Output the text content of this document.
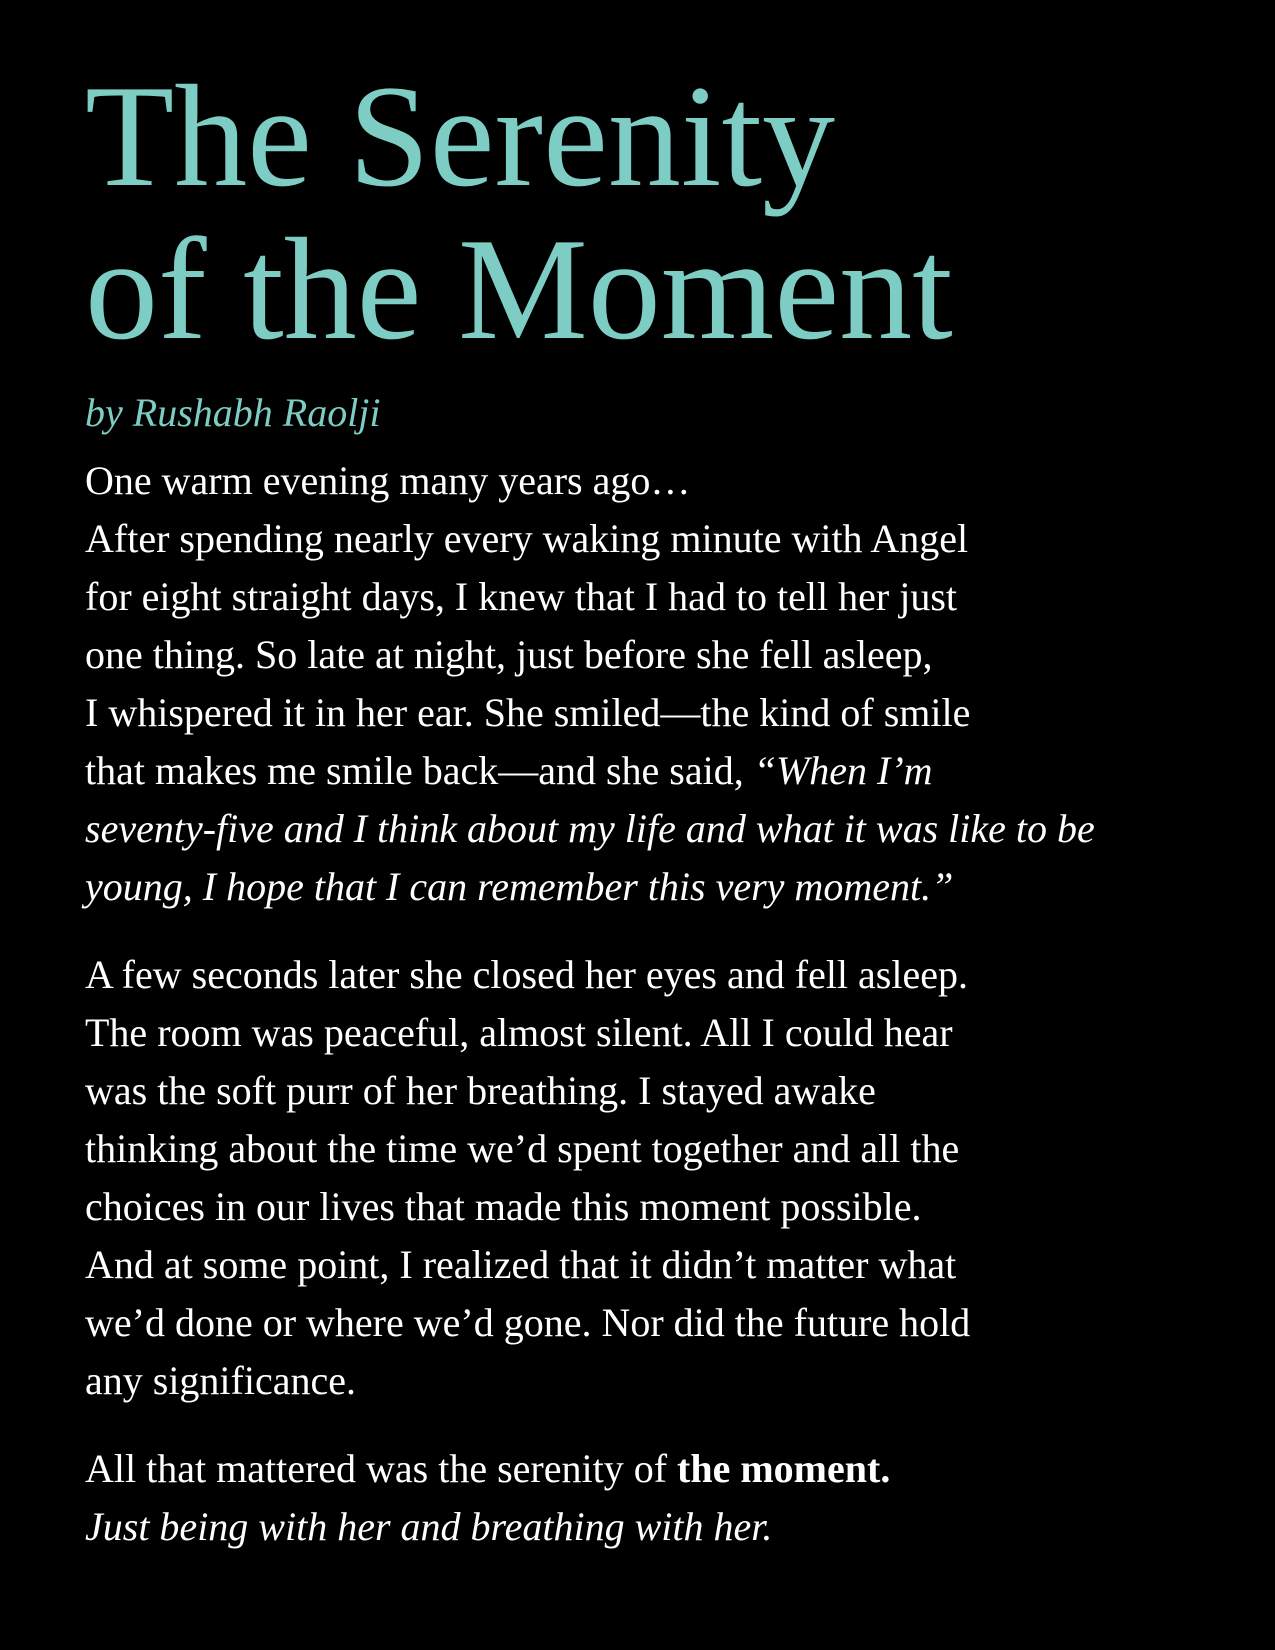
The Serenity
of the Moment

by Rushabh Raolji

One warm evening many years ago…
After spending nearly every waking minute with Angel
for eight straight days, I knew that I had to tell her just
one thing. So late at night, just before she fell asleep,
I whispered it in her ear. She smiled—the kind of smile
that makes me smile back—and she said, “When I’m
seventy-five and I think about my life and what it was like to be
young, I hope that I can remember this very moment.”

A few seconds later she closed her eyes and fell asleep.
The room was peaceful, almost silent. All I could hear
was the soft purr of her breathing. I stayed awake
thinking about the time we’d spent together and all the
choices in our lives that made this moment possible.
And at some point, I realized that it didn’t matter what
we’d done or where we’d gone. Nor did the future hold
any significance.

All that mattered was the serenity of the moment.
Just being with her and breathing with her.
